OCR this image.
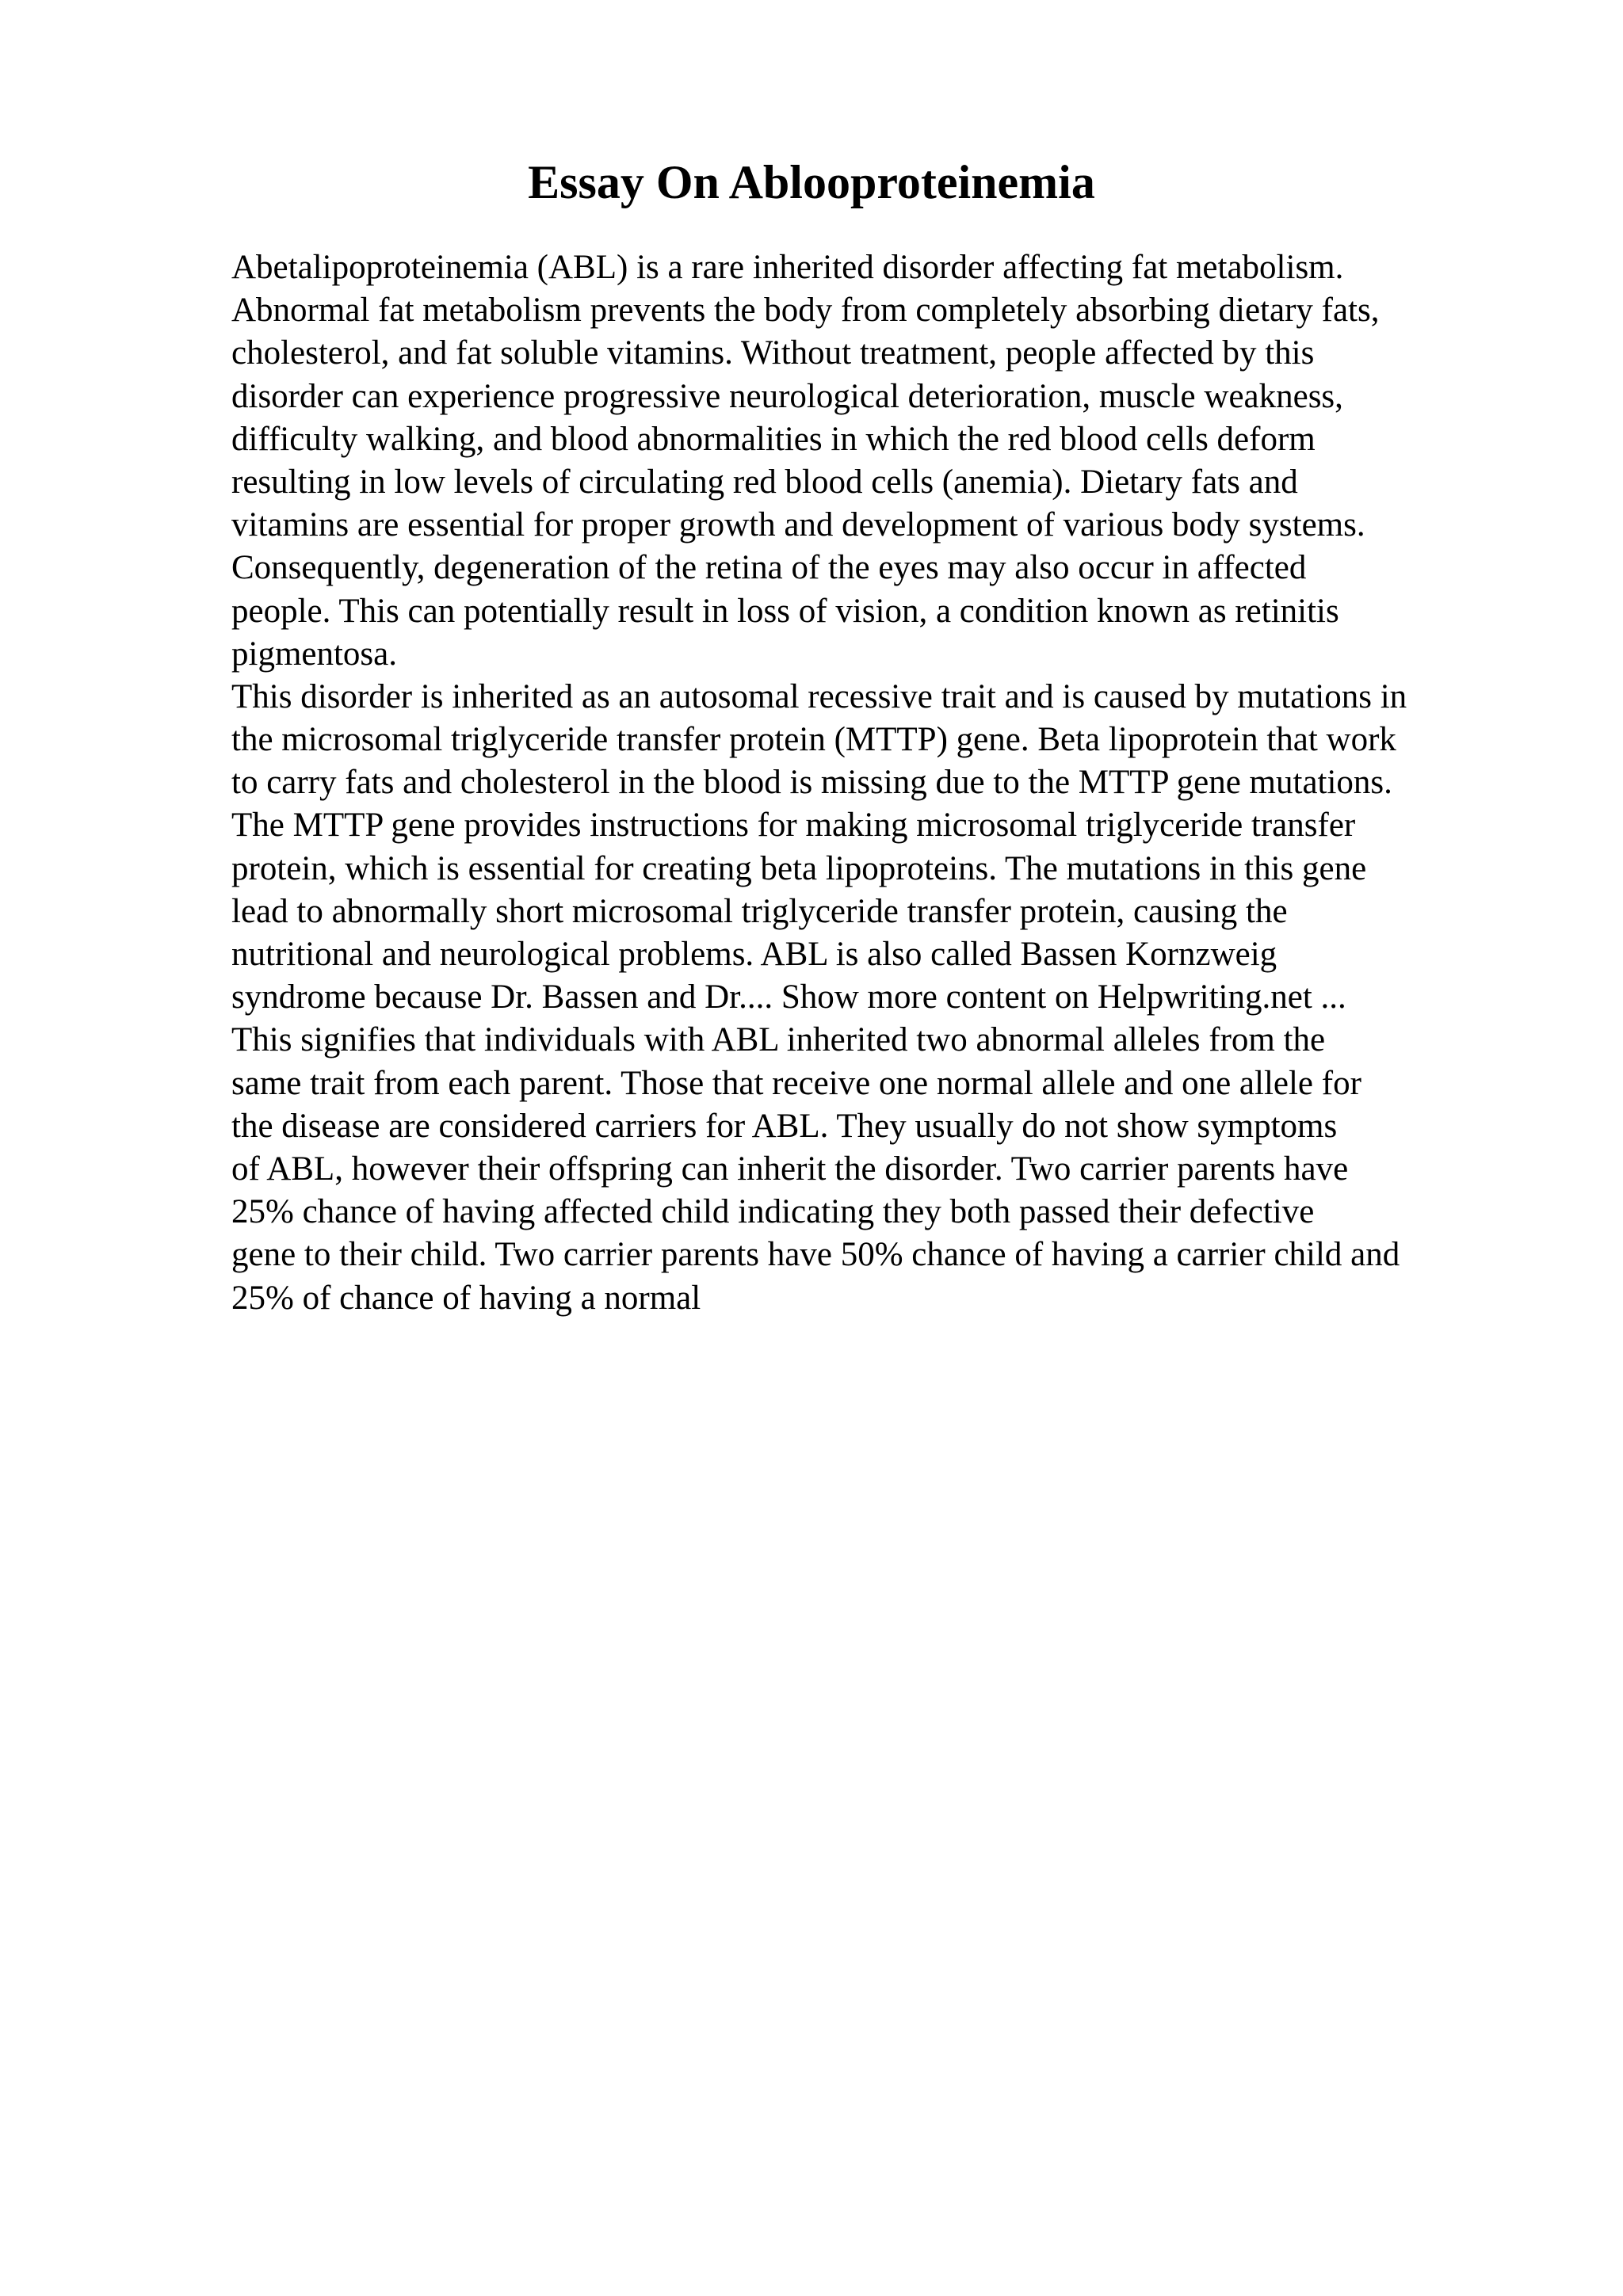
Essay On Ablooproteinemia
Abetalipoproteinemia (ABL) is a rare inherited disorder affecting fat metabolism.
Abnormal fat metabolism prevents the body from completely absorbing dietary fats,
cholesterol, and fat soluble vitamins. Without treatment, people affected by this
disorder can experience progressive neurological deterioration, muscle weakness,
difficulty walking, and blood abnormalities in which the red blood cells deform
resulting in low levels of circulating red blood cells (anemia). Dietary fats and
vitamins are essential for proper growth and development of various body systems.
Consequently, degeneration of the retina of the eyes may also occur in affected
people. This can potentially result in loss of vision, a condition known as retinitis
pigmentosa.
This disorder is inherited as an autosomal recessive trait and is caused by mutations in
the microsomal triglyceride transfer protein (MTTP) gene. Beta lipoprotein that work
to carry fats and cholesterol in the blood is missing due to the MTTP gene mutations.
The MTTP gene provides instructions for making microsomal triglyceride transfer
protein, which is essential for creating beta lipoproteins. The mutations in this gene
lead to abnormally short microsomal triglyceride transfer protein, causing the
nutritional and neurological problems. ABL is also called Bassen Kornzweig
syndrome because Dr. Bassen and Dr.... Show more content on Helpwriting.net ...
This signifies that individuals with ABL inherited two abnormal alleles from the
same trait from each parent. Those that receive one normal allele and one allele for
the disease are considered carriers for ABL. They usually do not show symptoms
of ABL, however their offspring can inherit the disorder. Two carrier parents have
25% chance of having affected child indicating they both passed their defective
gene to their child. Two carrier parents have 50% chance of having a carrier child and
25% of chance of having a normal
